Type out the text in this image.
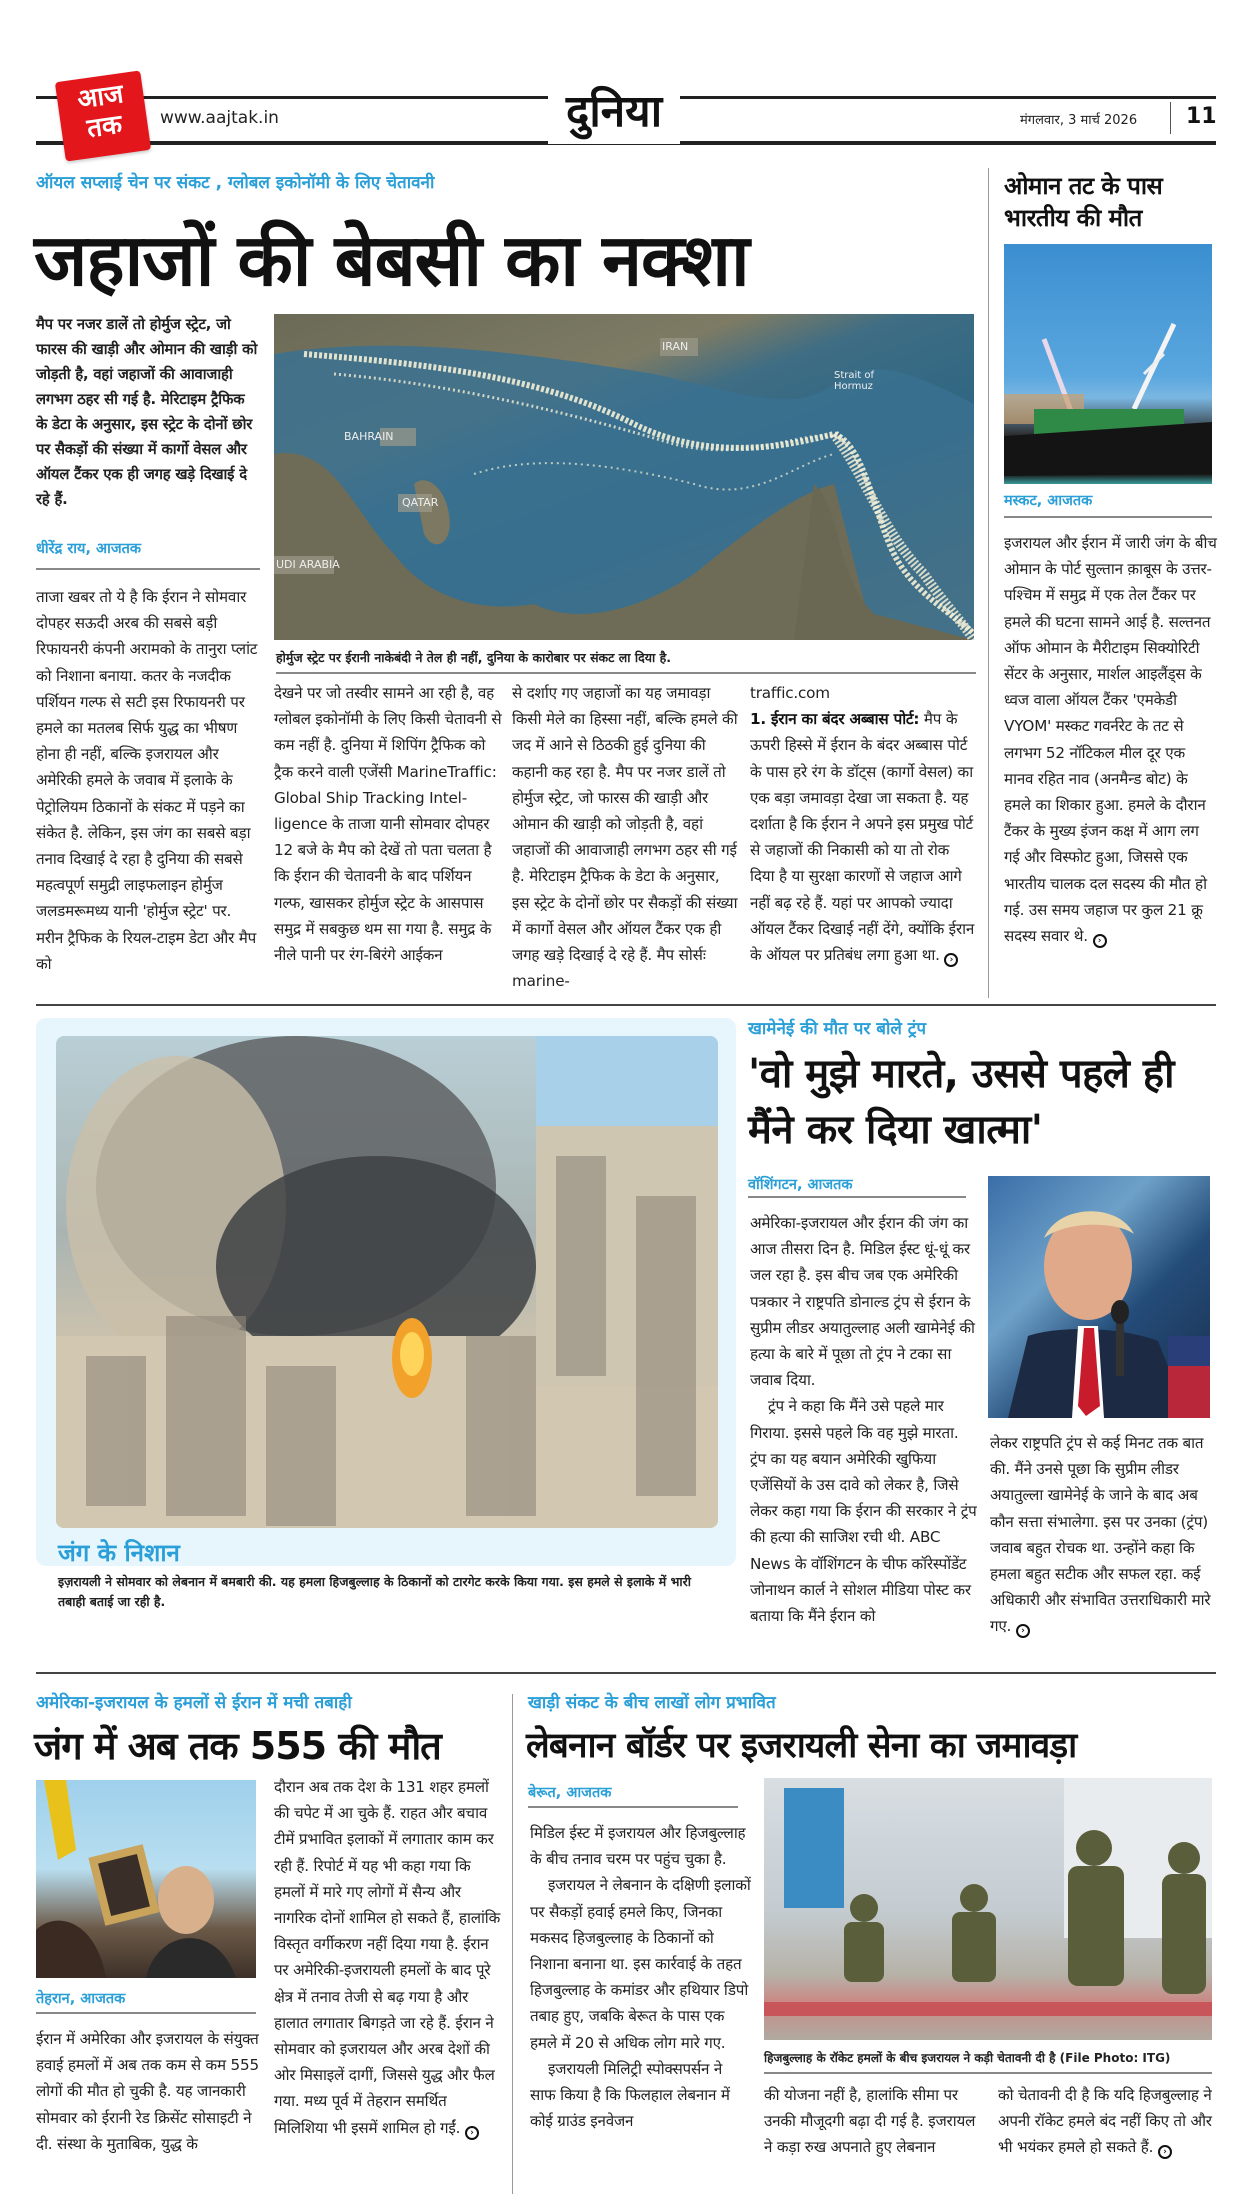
आज
तक	www.aajtak.in	दुनिया	मंगलवार, 3 मार्च 2026 11
ऑयल सप्लाई चेन पर संकट , ग्लोबल इकोनॉमी के लिए चेतावनी
जहाजों की बेबसी का नक्शा
मैप पर नजर डालें तो होर्मुज स्ट्रेट, जो फारस की खाड़ी और ओमान की खाड़ी को जोड़ती है, वहां जहाजों की आवाजाही लगभग ठहर सी गई है. मेरिटाइम ट्रैफिक के डेटा के अनुसार, इस स्ट्रेट के दोनों छोर पर सैकड़ों की संख्या में कार्गो वेसल और ऑयल टैंकर एक ही जगह खड़े दिखाई दे रहे हैं.
धीरेंद्र राय, आजतक
IRAN
Strait of Hormuz
BAHRAIN
QATAR
UDI ARABIA
होर्मुज स्ट्रेट पर ईरानी नाकेबंदी ने तेल ही नहीं, दुनिया के कारोबार पर संकट ला दिया है.
ताजा खबर तो ये है कि ईरान ने सोमवार दोपहर सऊदी अरब की सबसे बड़ी रिफायनरी कंपनी अरामको के तानुरा प्लांट को निशाना बनाया. कतर के नजदीक पर्शियन गल्फ से सटी इस रिफायनरी पर हमले का मतलब सिर्फ युद्ध का भीषण होना ही नहीं, बल्कि इजरायल और अमेरिकी हमले के जवाब में इलाके के पेट्रोलियम ठिकानों के संकट में पड़ने का संकेत है. लेकिन, इस जंग का सबसे बड़ा तनाव दिखाई दे रहा है दुनिया की सबसे महत्वपूर्ण समुद्री लाइफलाइन होर्मुज जलडमरूमध्य यानी 'होर्मुज स्ट्रेट' पर. मरीन ट्रैफिक के रियल-टाइम डेटा और मैप को
देखने पर जो तस्वीर सामने आ रही है, वह ग्लोबल इकोनॉमी के लिए किसी चेतावनी से कम नहीं है. दुनिया में शिपिंग ट्रैफिक को ट्रैक करने वाली एजेंसी MarineTraffic: Global Ship Tracking Intel-ligence के ताजा यानी सोमवार दोपहर 12 बजे के मैप को देखें तो पता चलता है कि ईरान की चेतावनी के बाद पर्शियन गल्फ, खासकर होर्मुज स्ट्रेट के आसपास समुद्र में सबकुछ थम सा गया है. समुद्र के नीले पानी पर रंग-बिरंगे आईकन
से दर्शाए गए जहाजों का यह जमावड़ा किसी मेले का हिस्सा नहीं, बल्कि हमले की जद में आने से ठिठकी हुई दुनिया की कहानी कह रहा है. मैप पर नजर डालें तो होर्मुज स्ट्रेट, जो फारस की खाड़ी और ओमान की खाड़ी को जोड़ती है, वहां जहाजों की आवाजाही लगभग ठहर सी गई है. मेरिटाइम ट्रैफिक के डेटा के अनुसार, इस स्ट्रेट के दोनों छोर पर सैकड़ों की संख्या में कार्गो वेसल और ऑयल टैंकर एक ही जगह खड़े दिखाई दे रहे हैं. मैप सोर्सः marine-
traffic.com
1. ईरान का बंदर अब्बास पोर्ट: मैप के ऊपरी हिस्से में ईरान के बंदर अब्बास पोर्ट के पास हरे रंग के डॉट्स (कार्गो वेसल) का एक बड़ा जमावड़ा देखा जा सकता है. यह दर्शाता है कि ईरान ने अपने इस प्रमुख पोर्ट से जहाजों की निकासी को या तो रोक दिया है या सुरक्षा कारणों से जहाज आगे नहीं बढ़ रहे हैं. यहां पर आपको ज्यादा ऑयल टैंकर दिखाई नहीं देंगे, क्योंकि ईरान के ऑयल पर प्रतिबंध लगा हुआ था. ›
ओमान तट के पास भारतीय की मौत
मस्कट, आजतक
इजरायल और ईरान में जारी जंग के बीच ओमान के पोर्ट सुल्तान क़ाबूस के उत्तर-पश्चिम में समुद्र में एक तेल टैंकर पर हमले की घटना सामने आई है. सल्तनत ऑफ ओमान के मैरीटाइम सिक्योरिटी सेंटर के अनुसार, मार्शल आइलैंड्स के ध्वज वाला ऑयल टैंकर 'एमकेडी VYOM' मस्कट गवर्नरेट के तट से लगभग 52 नॉटिकल मील दूर एक मानव रहित नाव (अनमैन्ड बोट) के हमले का शिकार हुआ. हमले के दौरान टैंकर के मुख्य इंजन कक्ष में आग लग गई और विस्फोट हुआ, जिससे एक भारतीय चालक दल सदस्य की मौत हो गई. उस समय जहाज पर कुल 21 क्रू सदस्य सवार थे. ›
जंग के निशान
इज़रायली ने सोमवार को लेबनान में बमबारी की. यह हमला हिजबुल्लाह के ठिकानों को टारगेट करके किया गया. इस हमले से इलाके में भारी तबाही बताई जा रही है.
खामेनेई की मौत पर बोले ट्रंप
'वो मुझे मारते, उससे पहले ही मैंने कर दिया खात्मा'
वॉशिंगटन, आजतक
अमेरिका-इजरायल और ईरान की जंग का आज तीसरा दिन है. मिडिल ईस्ट धूं-धूं कर जल रहा है. इस बीच जब एक अमेरिकी पत्रकार ने राष्ट्रपति डोनाल्ड ट्रंप से ईरान के सुप्रीम लीडर अयातुल्लाह अली खामेनेई की हत्या के बारे में पूछा तो ट्रंप ने टका सा जवाब दिया.
ट्रंप ने कहा कि मैंने उसे पहले मार गिराया. इससे पहले कि वह मुझे मारता. ट्रंप का यह बयान अमेरिकी खुफिया एजेंसियों के उस दावे को लेकर है, जिसे लेकर कहा गया कि ईरान की सरकार ने ट्रंप की हत्या की साजिश रची थी. ABC News के वॉशिंगटन के चीफ कॉरेस्पोंडेंट जोनाथन कार्ल ने सोशल मीडिया पोस्ट कर बताया कि मैंने ईरान को
लेकर राष्ट्रपति ट्रंप से कई मिनट तक बात की. मैंने उनसे पूछा कि सुप्रीम लीडर अयातुल्ला खामेनेई के जाने के बाद अब कौन सत्ता संभालेगा. इस पर उनका (ट्रंप) जवाब बहुत रोचक था. उन्होंने कहा कि हमला बहुत सटीक और सफल रहा. कई अधिकारी और संभावित उत्तराधिकारी मारे गए. ›
अमेरिका-इजरायल के हमलों से ईरान में मची तबाही
जंग में अब तक 555 की मौत
तेहरान, आजतक
ईरान में अमेरिका और इजरायल के संयुक्त हवाई हमलों में अब तक कम से कम 555 लोगों की मौत हो चुकी है. यह जानकारी सोमवार को ईरानी रेड क्रिसेंट सोसाइटी ने दी. संस्था के मुताबिक, युद्ध के
दौरान अब तक देश के 131 शहर हमलों की चपेट में आ चुके हैं. राहत और बचाव टीमें प्रभावित इलाकों में लगातार काम कर रही हैं. रिपोर्ट में यह भी कहा गया कि हमलों में मारे गए लोगों में सैन्य और नागरिक दोनों शामिल हो सकते हैं, हालांकि विस्तृत वर्गीकरण नहीं दिया गया है. ईरान पर अमेरिकी-इजरायली हमलों के बाद पूरे क्षेत्र में तनाव तेजी से बढ़ गया है और हालात लगातार बिगड़ते जा रहे हैं. ईरान ने सोमवार को इजरायल और अरब देशों की ओर मिसाइलें दागीं, जिससे युद्ध और फैल गया. मध्य पूर्व में तेहरान समर्थित मिलिशिया भी इसमें शामिल हो गईं. ›
खाड़ी संकट के बीच लाखों लोग प्रभावित
लेबनान बॉर्डर पर इजरायली सेना का जमावड़ा
बेरूत, आजतक
मिडिल ईस्ट में इजरायल और हिजबुल्लाह के बीच तनाव चरम पर पहुंच चुका है.
इजरायल ने लेबनान के दक्षिणी इलाकों पर सैकड़ों हवाई हमले किए, जिनका मकसद हिजबुल्लाह के ठिकानों को निशाना बनाना था. इस कार्रवाई के तहत हिजबुल्लाह के कमांडर और हथियार डिपो तबाह हुए, जबकि बेरूत के पास एक हमले में 20 से अधिक लोग मारे गए.
इजरायली मिलिट्री स्पोक्सपर्सन ने साफ किया है कि फिलहाल लेबनान में कोई ग्राउंड इनवेजन
हिजबुल्लाह के रॉकेट हमलों के बीच इजरायल ने कड़ी चेतावनी दी है (File Photo: ITG)
की योजना नहीं है, हालांकि सीमा पर उनकी मौजूदगी बढ़ा दी गई है. इजरायल ने कड़ा रुख अपनाते हुए लेबनान
को चेतावनी दी है कि यदि हिजबुल्लाह ने अपनी रॉकेट हमले बंद नहीं किए तो और भी भयंकर हमले हो सकते हैं. ›
